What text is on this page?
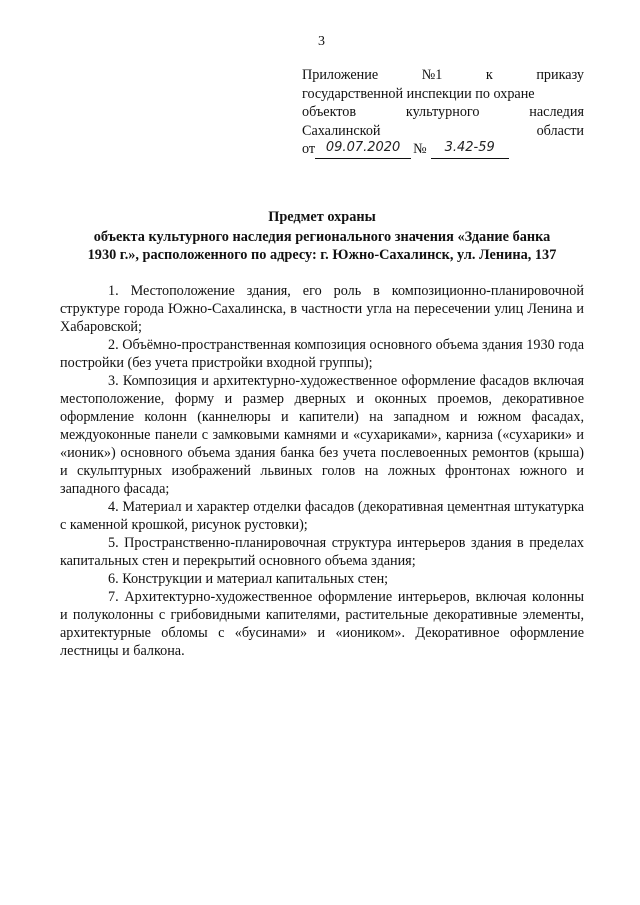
3
Приложение	№1	к	приказу
государственной инспекции по охране
объектов	культурного	наследия
Сахалинской	области
от 09.07.2020 №	3.42-59
Предмет охраны
объекта культурного наследия регионального значения «Здание банка
1930 г.», расположенного по адресу: г. Южно-Сахалинск, ул. Ленина, 137

1. Местоположение здания, его роль в композиционно-планировочной структуре города Южно-Сахалинска, в частности угла на пересечении улиц Ленина и Хабаровской;

2. Объёмно-пространственная композиция основного объема здания 1930 года постройки (без учета пристройки входной группы);

3. Композиция и архитектурно-художественное оформление фасадов включая местоположение, форму и размер дверных и оконных проемов, декоративное оформление колонн (каннелюры и капители) на западном и южном фасадах, междуоконные панели с замковыми камнями и «сухариками», карниза («сухарики» и «ионик») основного объема здания банка без учета послевоенных ремонтов (крыша) и скульптурных изображений львиных голов на ложных фронтонах южного и западного фасада;

4. Материал и характер отделки фасадов (декоративная цементная штукатурка с каменной крошкой, рисунок рустовки);

5. Пространственно-планировочная структура интерьеров здания в пределах капитальных стен и перекрытий основного объема здания;

6. Конструкции и материал капитальных стен;

7. Архитектурно-художественное оформление интерьеров, включая колонны и полуколонны с грибовидными капителями, растительные декоративные элементы, архитектурные обломы с «бусинами» и «иоником». Декоративное оформление лестницы и балкона.
